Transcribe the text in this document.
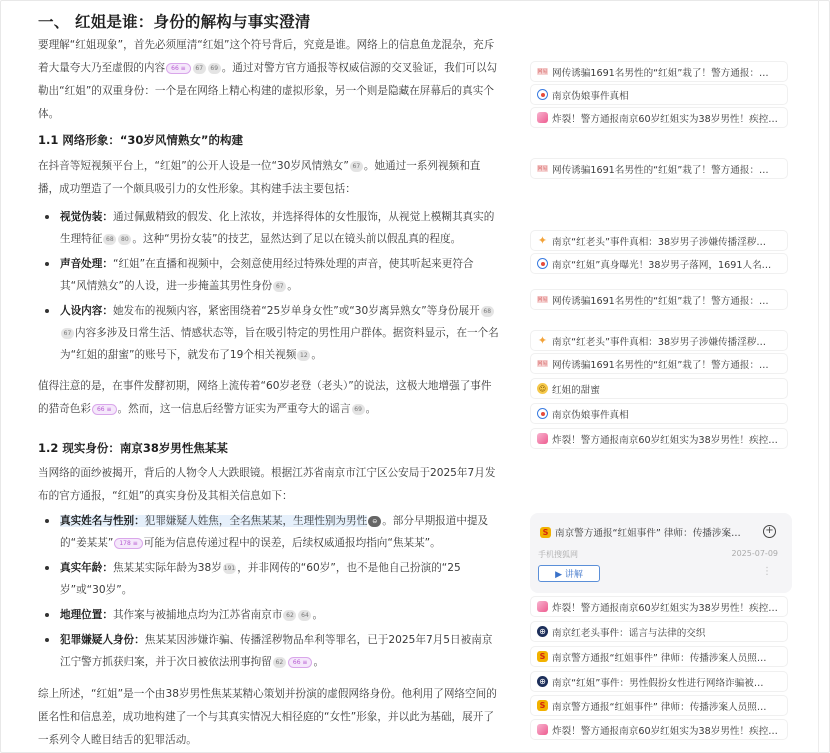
一、 红姐是谁：身份的解构与事实澄清
要理解“红姐现象”，首先必须厘清“红姐”这个符号背后，究竟是谁。网络上的信息鱼龙混杂，充斥着大量夸大乃至虚假的内容 66 ≡ 67 69 。通过对警方官方通报等权威信源的交叉验证，我们可以勾勒出“红姐”的双重身份：一个是在网络上精心构建的虚拟形象，另一个则是隐藏在屏幕后的真实个体。
1.1 网络形象：“30岁风情熟女”的构建
在抖音等短视频平台上，“红姐”的公开人设是一位“30岁风情熟女” 67 。她通过一系列视频和直播，成功塑造了一个颇具吸引力的女性形象。其构建手法主要包括：
视觉伪装：通过佩戴精致的假发、化上浓妆，并选择得体的女性服饰，从视觉上模糊其真实的生理特征 68 80 。这种“男扮女装”的技艺，显然达到了足以在镜头前以假乱真的程度。
声音处理：“红姐”在直播和视频中，会刻意使用经过特殊处理的声音，使其听起来更符合其“风情熟女”的人设，进一步掩盖其男性身份 67 。
人设内容：她发布的视频内容，紧密围绕着“25岁单身女性”或“30岁离异熟女”等身份展开 6867 内容多涉及日常生活、情感状态等，旨在吸引特定的男性用户群体。据资料显示，在一个名为“红姐的甜蜜”的账号下，就发布了19个相关视频 12 。
值得注意的是，在事件发酵初期，网络上流传着“60岁老登（老头）”的说法，这极大地增强了事件的猎奇色彩 66 ≡ 。然而，这一信息后经警方证实为严重夸大的谣言 69 。
1.2 现实身份：南京38岁男性焦某某
当网络的面纱被揭开，背后的人物令人大跌眼镜。根据江苏省南京市江宁区公安局于2025年7月发布的官方通报，“红姐”的真实身份及其相关信息如下：
真实姓名与性别：犯罪嫌疑人姓焦，全名焦某某，生理性别为男性 ⊖ 。部分早期报道中提及的“姜某某” 178 ≡ 可能为信息传递过程中的误差，后续权威通报均指向“焦某某”。
真实年龄：焦某某实际年龄为38岁 191 ，并非网传的“60岁”，也不是他自己扮演的“25岁”或“30岁”。
地理位置：其作案与被捕地点均为江苏省南京市 62 64 。
犯罪嫌疑人身份：焦某某因涉嫌诈骗、传播淫秽物品牟利等罪名，已于2025年7月5日被南京江宁警方抓获归案，并于次日被依法刑事拘留 62 66 ≡ 。
综上所述，“红姐”是一个由38岁男性焦某某精心策划并扮演的虚假网络身份。他利用了网络空间的匿名性和信息差，成功地构建了一个与其真实情况大相径庭的“女性”形象，并以此为基础，展开了一系列令人瞠目结舌的犯罪活动。
网易 网传诱骗1691名男性的“红姐”栽了！警方通报：…
南京伪娘事件真相
炸裂！警方通报南京60岁红姐实为38岁男性！疾控…
网易 网传诱骗1691名男性的“红姐”栽了！警方通报：…
✦ 南京“红老头”事件真相：38岁男子涉嫌传播淫秽…
南京“红姐”真身曝光！38岁男子落网，1691人名…
网易 网传诱骗1691名男性的“红姐”栽了！警方通报：…
✦ 南京“红老头”事件真相：38岁男子涉嫌传播淫秽…
网易 网传诱骗1691名男性的“红姐”栽了！警方通报：…
☺ 红姐的甜蜜
南京伪娘事件真相
炸裂！警方通报南京60岁红姐实为38岁男性！疾控…
炸裂！警方通报南京60岁红姐实为38岁男性！疾控…
⊕ 南京红老头事件：谣言与法律的交织
S 南京警方通报“红姐事件” 律师：传播涉案人员照…
⊕ 南京“红姐”事件：男性假扮女性进行网络诈骗被…
S 南京警方通报“红姐事件” 律师：传播涉案人员照…
炸裂！警方通报南京60岁红姐实为38岁男性！疾控…
S 南京警方通报“红姐事件” 律师：传播涉案… +
手机搜狐网	2025-07-09
▶ 讲解	⋮
